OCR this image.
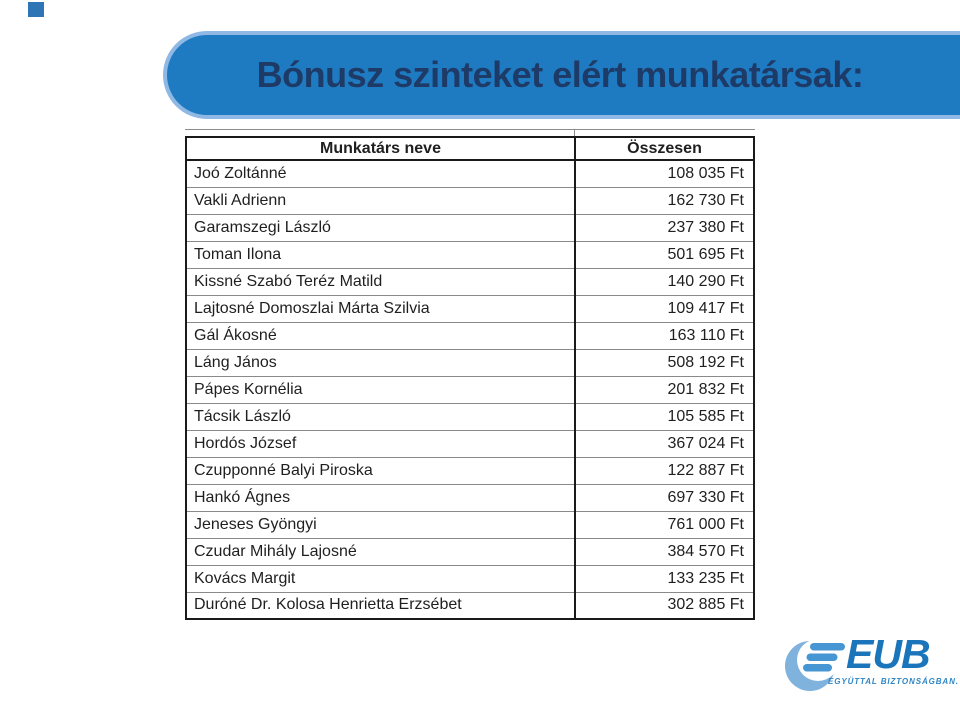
Bónusz szinteket elért munkatársak:
Munkatárs neve	Összesen
Joó Zoltánné	108 035 Ft
Vakli Adrienn	162 730 Ft
Garamszegi László	237 380 Ft
Toman Ilona	501 695 Ft
Kissné Szabó Teréz Matild	140 290 Ft
Lajtosné Domoszlai Márta Szilvia	109 417 Ft
Gál Ákosné	163 110 Ft
Láng János	508 192 Ft
Pápes Kornélia	201 832 Ft
Tácsik László	105 585 Ft
Hordós József	367 024 Ft
Czupponné Balyi Piroska	122 887 Ft
Hankó Ágnes	697 330 Ft
Jeneses Gyöngyi	761 000 Ft
Czudar Mihály Lajosné	384 570 Ft
Kovács Margit	133 235 Ft
Duróné Dr. Kolosa Henrietta Erzsébet	302 885 Ft
EUB
EGYÜTTAL BIZTONSÁGBAN.
